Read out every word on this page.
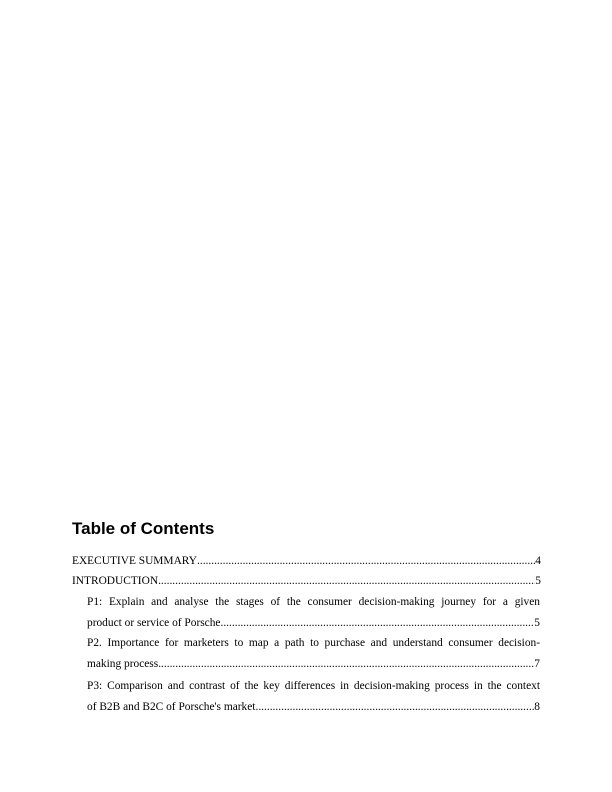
Table of Contents
EXECUTIVE SUMMARY .....	4
INTRODUCTION .....	5
P1: Explain and analyse the stages of the consumer decision-making journey for a given
product or service of Porsche .....	5
P2. Importance for marketers to map a path to purchase and understand consumer decision-
making process .....	7
P3: Comparison and contrast of the key differences in decision-making process in the context
of B2B and B2C of Porsche's market .....	8
